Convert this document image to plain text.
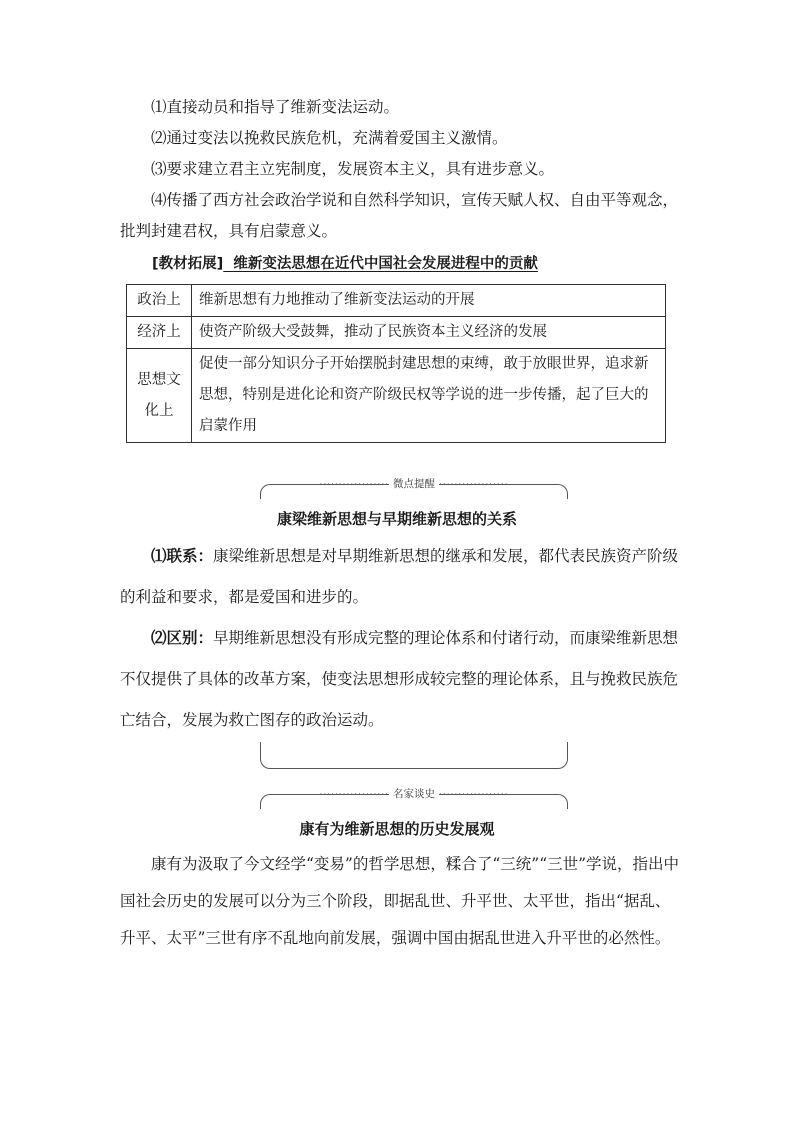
⑴直接动员和指导了维新变法运动。
⑵通过变法以挽救民族危机，充满着爱国主义激情。
⑶要求建立君主立宪制度，发展资本主义，具有进步意义。
⑷传播了西方社会政治学说和自然科学知识，宣传天赋人权、自由平等观念，批判封建君权，具有启蒙意义。
[教材拓展] 维新变法思想在近代中国社会发展进程中的贡献
政治上	维新思想有力地推动了维新变法运动的开展
经济上	使资产阶级大受鼓舞，推动了民族资本主义经济的发展
思想文化上	促使一部分知识分子开始摆脱封建思想的束缚，敢于放眼世界，追求新思想，特别是进化论和资产阶级民权等学说的进一步传播，起了巨大的启蒙作用
·················· 微点提醒 ··················
康梁维新思想与早期维新思想的关系
⑴联系：康梁维新思想是对早期维新思想的继承和发展，都代表民族资产阶级的利益和要求，都是爱国和进步的。
⑵区别：早期维新思想没有形成完整的理论体系和付诸行动，而康梁维新思想不仅提供了具体的改革方案，使变法思想形成较完整的理论体系，且与挽救民族危亡结合，发展为救亡图存的政治运动。
·················· 名家谈史 ··················
康有为维新思想的历史发展观
康有为汲取了今文经学“变易”的哲学思想，糅合了“三统”“三世”学说，指出中国社会历史的发展可以分为三个阶段，即据乱世、升平世、太平世，指出“据乱、升平、太平”三世有序不乱地向前发展，强调中国由据乱世进入升平世的必然性。
